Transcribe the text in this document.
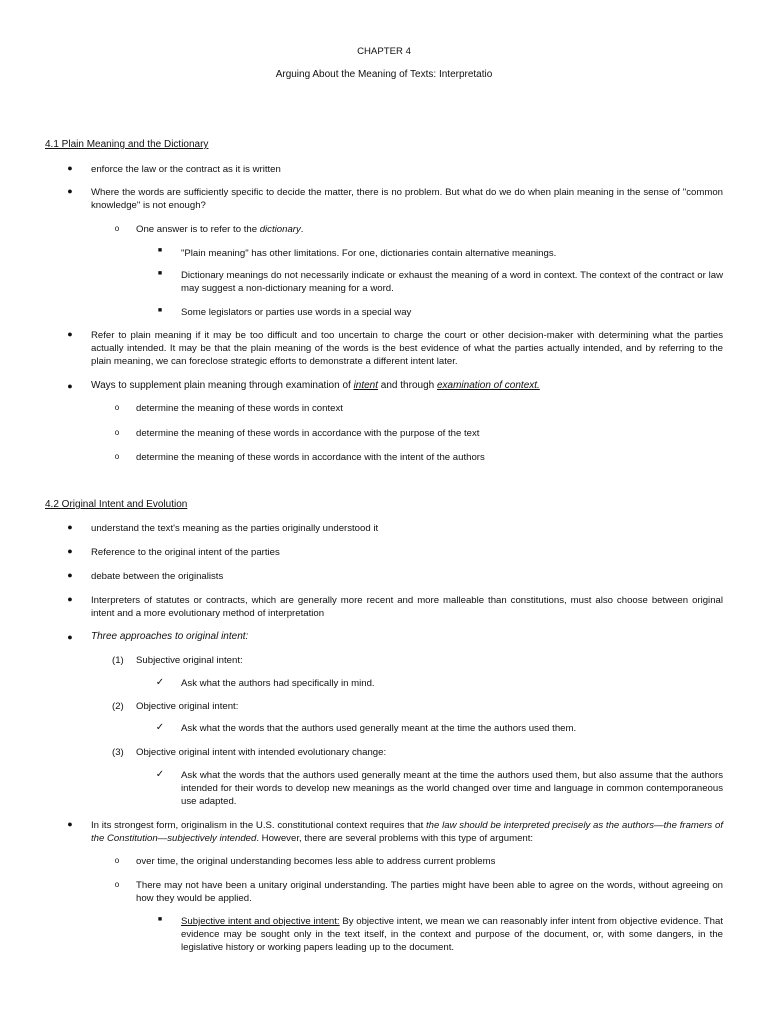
CHAPTER 4
Arguing About the Meaning of Texts: Interpretatio
4.1 Plain Meaning and the Dictionary
● enforce the law or the contract as it is written
● Where the words are sufficiently specific to decide the matter, there is no problem. But what do we do when plain meaning in the sense of "common knowledge" is not enough?
o One answer is to refer to the dictionary.
■	"Plain meaning" has other limitations. For one, dictionaries contain alternative meanings.
■	Dictionary meanings do not necessarily indicate or exhaust the meaning of a word in context. The context of the contract or law may suggest a non-dictionary meaning for a word.
■	Some legislators or parties use words in a special way
● Refer to plain meaning if it may be too difficult and too uncertain to charge the court or other decision-maker with determining what the parties actually intended. It may be that the plain meaning of the words is the best evidence of what the parties actually intended, and by referring to the plain meaning, we can foreclose strategic efforts to demonstrate a different intent later.
● Ways to supplement plain meaning through examination of intent and through examination of context.
o determine the meaning of these words in context
o determine the meaning of these words in accordance with the purpose of the text
o determine the meaning of these words in accordance with the intent of the authors
4.2 Original Intent and Evolution
● understand the text's meaning as the parties originally understood it
● Reference to the original intent of the parties
● debate between the originalists
● Interpreters of statutes or contracts, which are generally more recent and more malleable than constitutions, must also choose between original intent and a more evolutionary method of interpretation
● Three approaches to original intent:
(1) Subjective original intent:
✓ Ask what the authors had specifically in mind.
(2) Objective original intent:
✓ Ask what the words that the authors used generally meant at the time the authors used them.
(3) Objective original intent with intended evolutionary change:
✓ Ask what the words that the authors used generally meant at the time the authors used them, but also assume that the authors intended for their words to develop new meanings as the world changed over time and language in common contemporaneous use adapted.
● In its strongest form, originalism in the U.S. constitutional context requires that the law should be interpreted precisely as the authors—the framers of the Constitution—subjectively intended. However, there are several problems with this type of argument:
o over time, the original understanding becomes less able to address current problems
o There may not have been a unitary original understanding. The parties might have been able to agree on the words, without agreeing on how they would be applied.
■	Subjective intent and objective intent: By objective intent, we mean we can reasonably infer intent from objective evidence. That evidence may be sought only in the text itself, in the context and purpose of the document, or, with some dangers, in the legislative history or working papers leading up to the document.
